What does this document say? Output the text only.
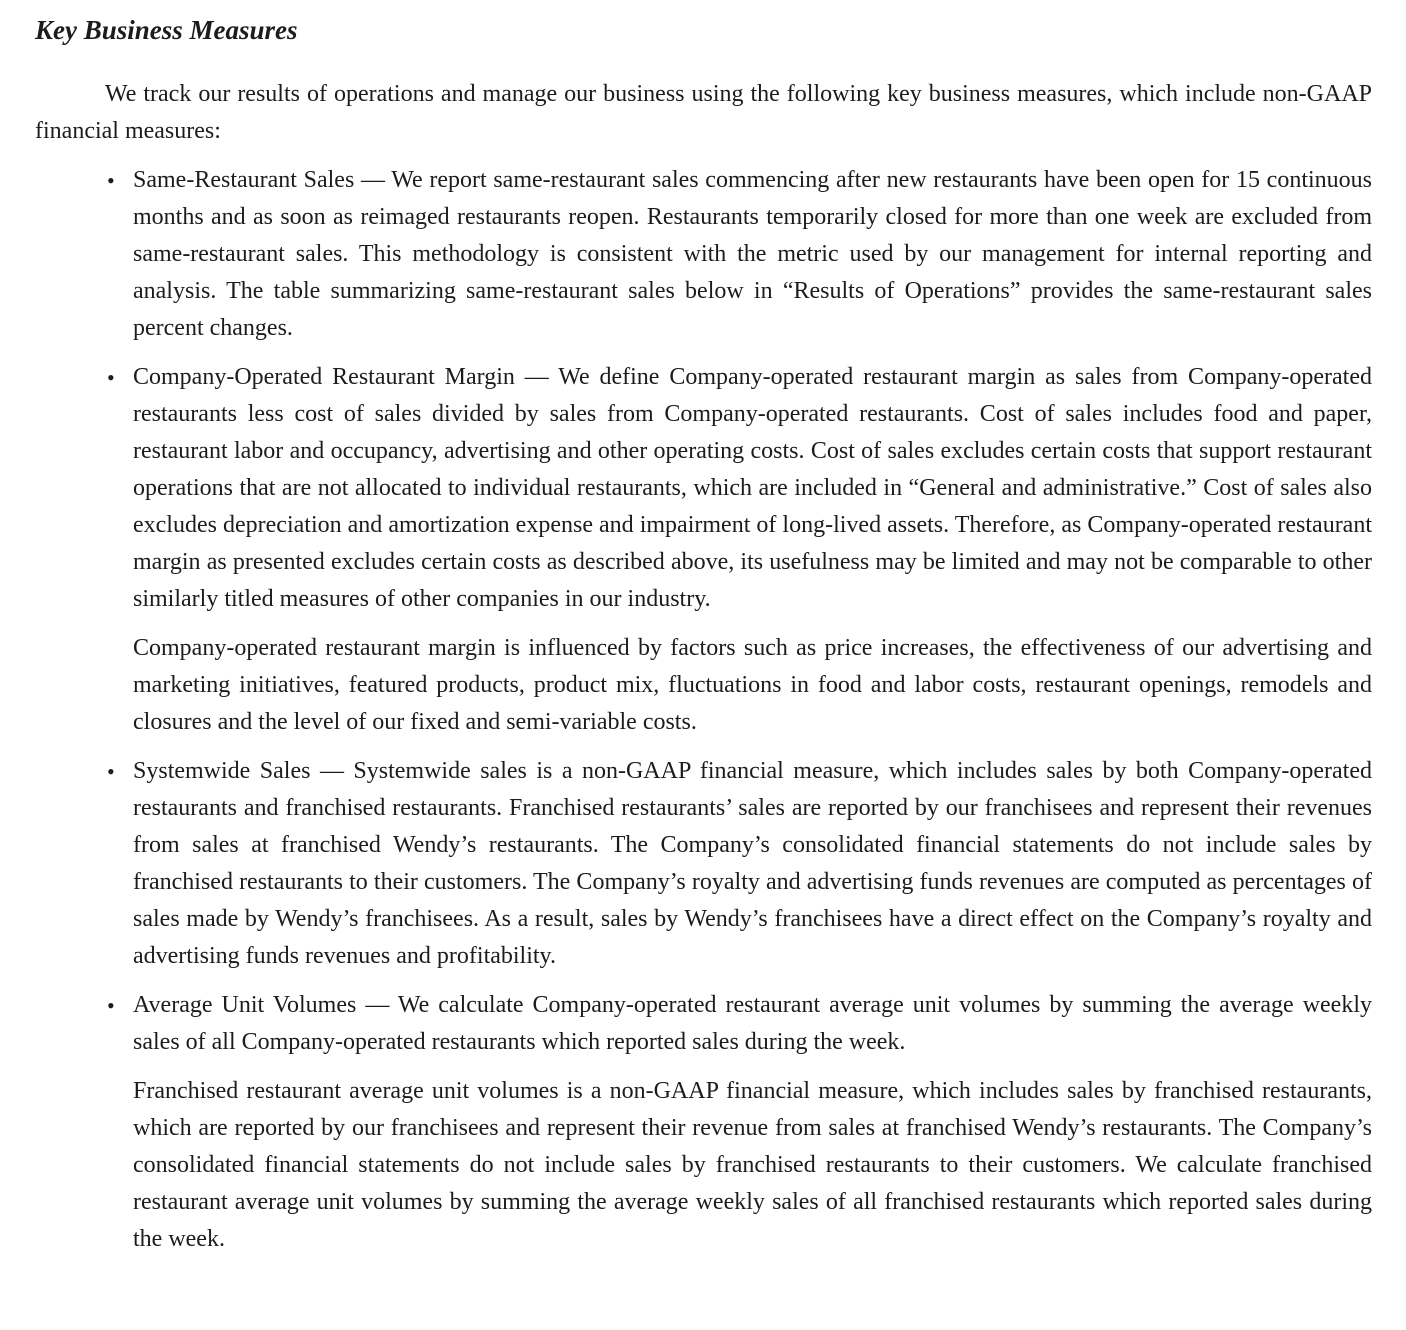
Key Business Measures

We track our results of operations and manage our business using the following key business measures, which include non-GAAP financial measures:

• Same-Restaurant Sales — We report same-restaurant sales commencing after new restaurants have been open for 15 continuous months and as soon as reimaged restaurants reopen. Restaurants temporarily closed for more than one week are excluded from same-restaurant sales. This methodology is consistent with the metric used by our management for internal reporting and analysis. The table summarizing same-restaurant sales below in “Results of Operations” provides the same-restaurant sales percent changes.

• Company-Operated Restaurant Margin — We define Company-operated restaurant margin as sales from Company-operated restaurants less cost of sales divided by sales from Company-operated restaurants. Cost of sales includes food and paper, restaurant labor and occupancy, advertising and other operating costs. Cost of sales excludes certain costs that support restaurant operations that are not allocated to individual restaurants, which are included in “General and administrative.” Cost of sales also excludes depreciation and amortization expense and impairment of long-lived assets. Therefore, as Company-operated restaurant margin as presented excludes certain costs as described above, its usefulness may be limited and may not be comparable to other similarly titled measures of other companies in our industry.

Company-operated restaurant margin is influenced by factors such as price increases, the effectiveness of our advertising and marketing initiatives, featured products, product mix, fluctuations in food and labor costs, restaurant openings, remodels and closures and the level of our fixed and semi-variable costs.

• Systemwide Sales — Systemwide sales is a non-GAAP financial measure, which includes sales by both Company-operated restaurants and franchised restaurants. Franchised restaurants’ sales are reported by our franchisees and represent their revenues from sales at franchised Wendy’s restaurants. The Company’s consolidated financial statements do not include sales by franchised restaurants to their customers. The Company’s royalty and advertising funds revenues are computed as percentages of sales made by Wendy’s franchisees. As a result, sales by Wendy’s franchisees have a direct effect on the Company’s royalty and advertising funds revenues and profitability.

• Average Unit Volumes — We calculate Company-operated restaurant average unit volumes by summing the average weekly sales of all Company-operated restaurants which reported sales during the week.

Franchised restaurant average unit volumes is a non-GAAP financial measure, which includes sales by franchised restaurants, which are reported by our franchisees and represent their revenue from sales at franchised Wendy’s restaurants. The Company’s consolidated financial statements do not include sales by franchised restaurants to their customers. We calculate franchised restaurant average unit volumes by summing the average weekly sales of all franchised restaurants which reported sales during the week.
